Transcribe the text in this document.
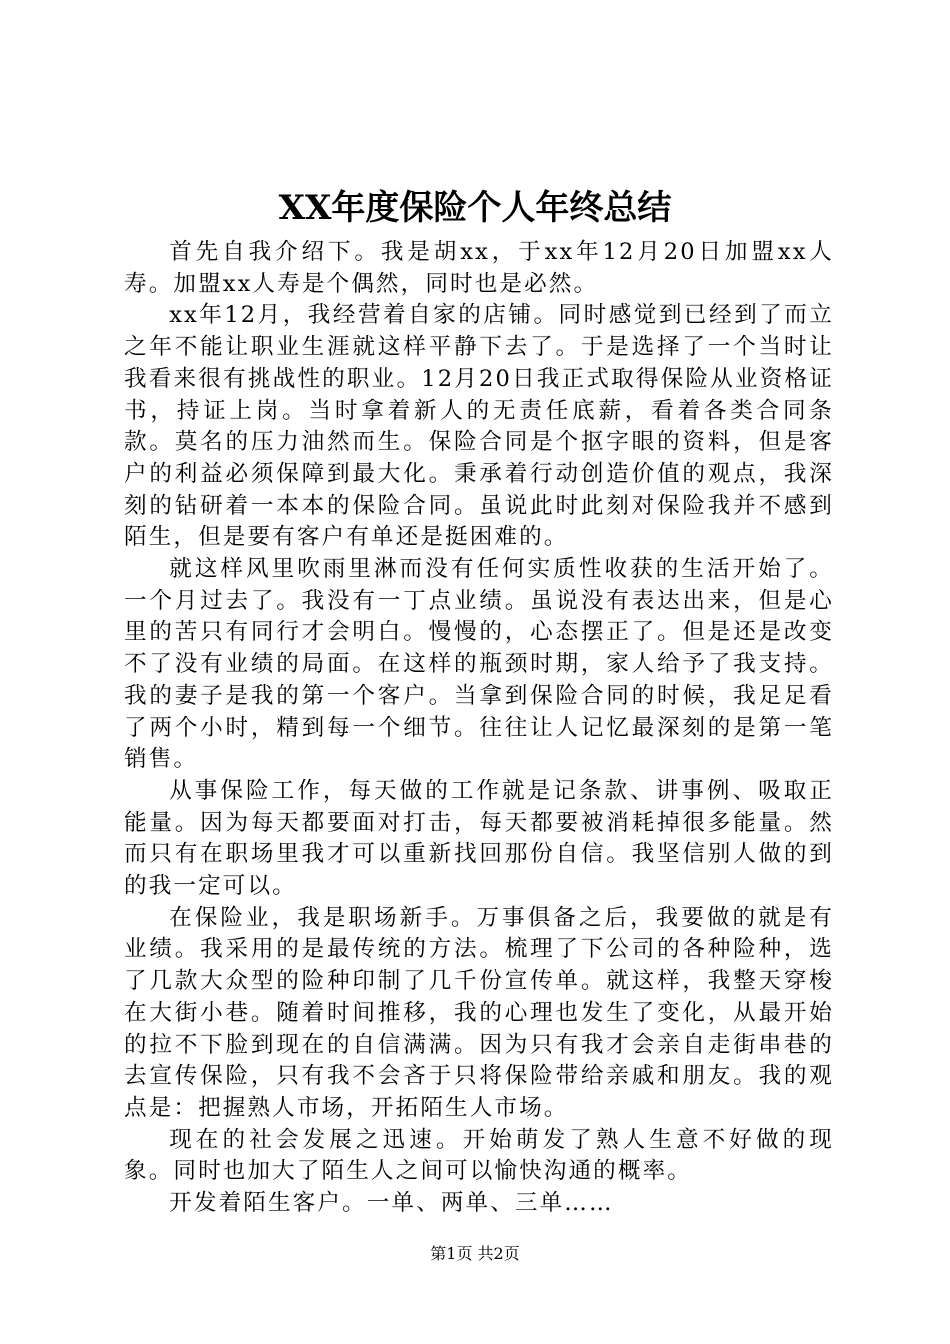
XX年度保险个人年终总结

首先自我介绍下。我是胡xx，于xx年12月20日加盟xx人寿。加盟xx人寿是个偶然，同时也是必然。

xx年12月，我经营着自家的店铺。同时感觉到已经到了而立之年不能让职业生涯就这样平静下去了。于是选择了一个当时让我看来很有挑战性的职业。12月20日我正式取得保险从业资格证书，持证上岗。当时拿着新人的无责任底薪，看着各类合同条款。莫名的压力油然而生。保险合同是个抠字眼的资料，但是客户的利益必须保障到最大化。秉承着行动创造价值的观点，我深刻的钻研着一本本的保险合同。虽说此时此刻对保险我并不感到陌生，但是要有客户有单还是挺困难的。

就这样风里吹雨里淋而没有任何实质性收获的生活开始了。一个月过去了。我没有一丁点业绩。虽说没有表达出来，但是心里的苦只有同行才会明白。慢慢的，心态摆正了。但是还是改变不了没有业绩的局面。在这样的瓶颈时期，家人给予了我支持。我的妻子是我的第一个客户。当拿到保险合同的时候，我足足看了两个小时，精到每一个细节。往往让人记忆最深刻的是第一笔销售。

从事保险工作，每天做的工作就是记条款、讲事例、吸取正能量。因为每天都要面对打击，每天都要被消耗掉很多能量。然而只有在职场里我才可以重新找回那份自信。我坚信别人做的到的我一定可以。

在保险业，我是职场新手。万事俱备之后，我要做的就是有业绩。我采用的是最传统的方法。梳理了下公司的各种险种，选了几款大众型的险种印制了几千份宣传单。就这样，我整天穿梭在大街小巷。随着时间推移，我的心理也发生了变化，从最开始的拉不下脸到现在的自信满满。因为只有我才会亲自走街串巷的去宣传保险，只有我不会吝于只将保险带给亲戚和朋友。我的观点是：把握熟人市场，开拓陌生人市场。

现在的社会发展之迅速。开始萌发了熟人生意不好做的现象。同时也加大了陌生人之间可以愉快沟通的概率。

开发着陌生客户。一单、两单、三单……

第1页 共2页
